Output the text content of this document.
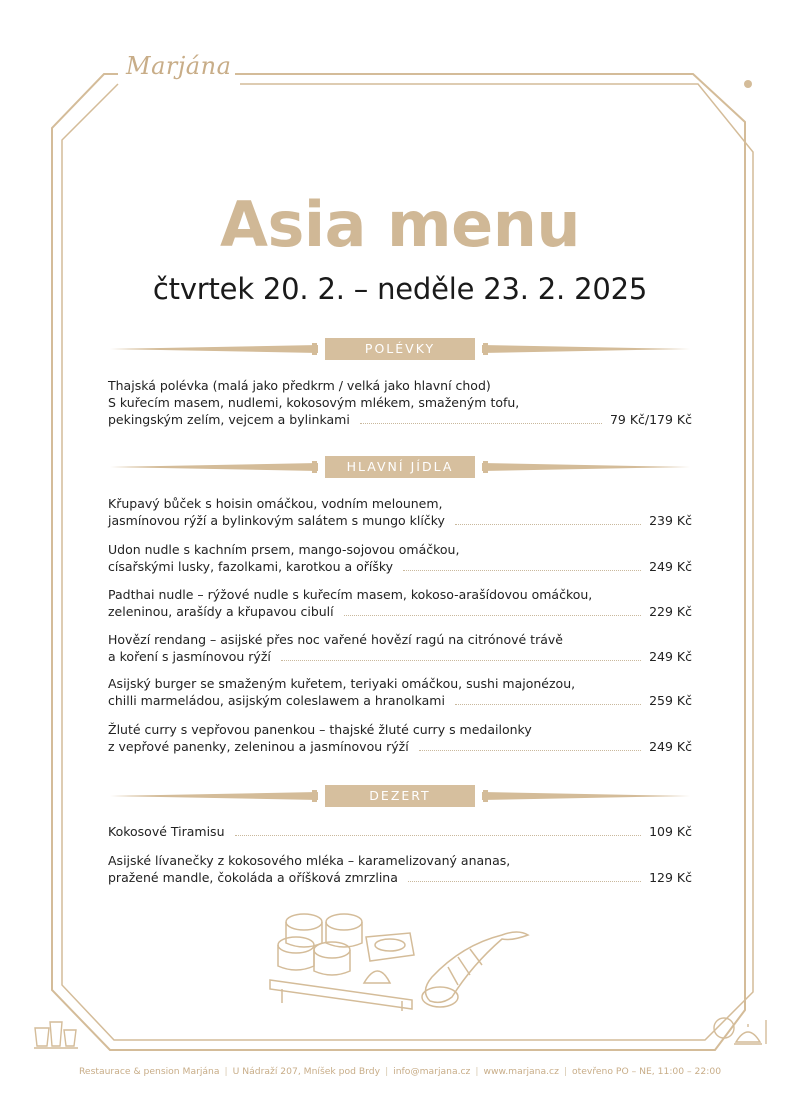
Marjána
Asia menu
čtvrtek 20. 2. – neděle 23. 2. 2025
POLÉVKY
Thajská polévka (malá jako předkrm / velká jako hlavní chod)
S kuřecím masem, nudlemi, kokosovým mlékem, smaženým tofu,
pekingským zelím, vejcem a bylinkami	79 Kč/179 Kč
HLAVNÍ JÍDLA
Křupavý bůček s hoisin omáčkou, vodním melounem,
jasmínovou rýží a bylinkovým salátem s mungo klíčky	239 Kč
Udon nudle s kachním prsem, mango-sojovou omáčkou,
císařskými lusky, fazolkami, karotkou a oříšky	249 Kč
Padthai nudle – rýžové nudle s kuřecím masem, kokoso-arašídovou omáčkou,
zeleninou, arašídy a křupavou cibulí	229 Kč
Hovězí rendang – asijské přes noc vařené hovězí ragú na citrónové trávě
a koření s jasmínovou rýží	249 Kč
Asijský burger se smaženým kuřetem, teriyaki omáčkou, sushi majonézou,
chilli marmeládou, asijským coleslawem a hranolkami	259 Kč
Žluté curry s vepřovou panenkou – thajské žluté curry s medailonky
z vepřové panenky, zeleninou a jasmínovou rýží	249 Kč
DEZERT
Kokosové Tiramisu	109 Kč
Asijské lívanečky z kokosového mléka – karamelizovaný ananas,
pražené mandle, čokoláda a oříšková zmrzlina	129 Kč
Restaurace & pension Marjána | U Nádraží 207, Mníšek pod Brdy | info@marjana.cz | www.marjana.cz | otevřeno PO – NE, 11:00 – 22:00
